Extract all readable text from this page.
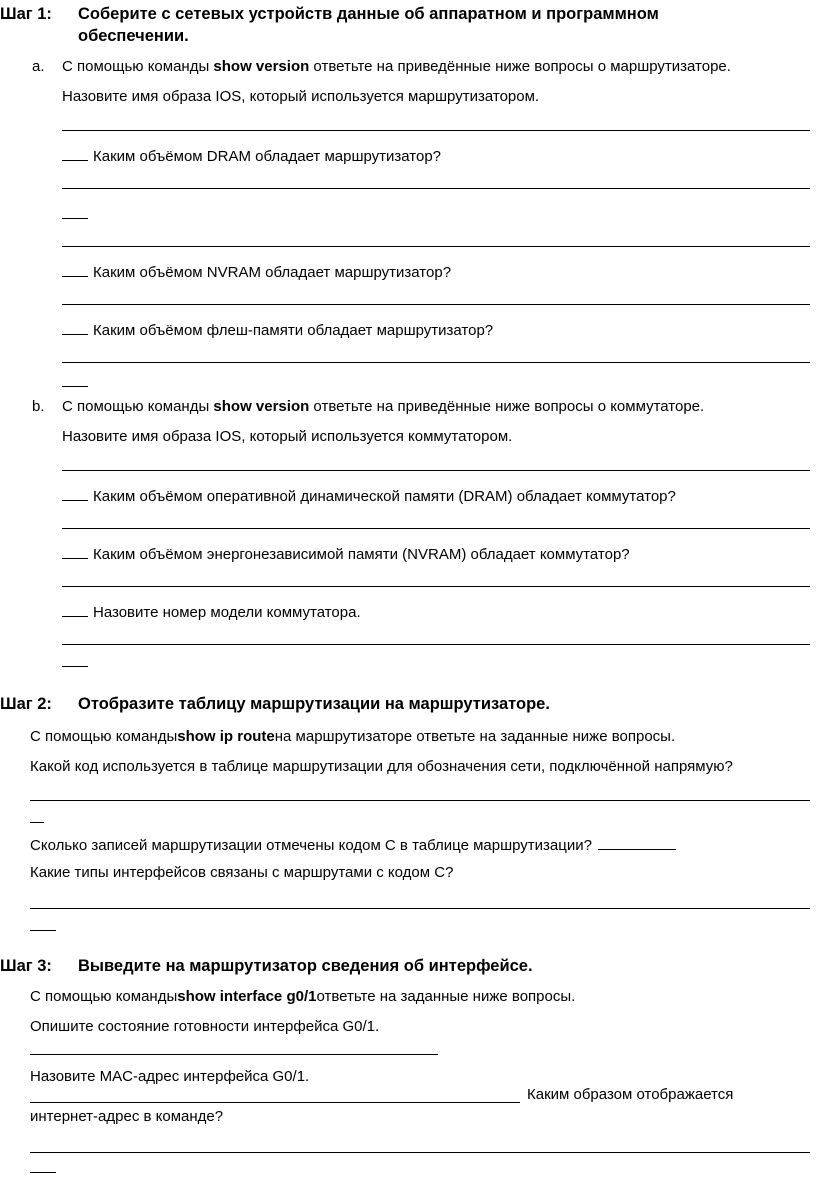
Шаг 1: Соберите с сетевых устройств данные об аппаратном и программном
обеспечении.
a. С помощью команды show version ответьте на приведённые ниже вопросы о маршрутизаторе.
Назовите имя образа IOS, который используется маршрутизатором.
Каким объёмом DRAM обладает маршрутизатор?
Каким объёмом NVRAM обладает маршрутизатор?
Каким объёмом флеш-памяти обладает маршрутизатор?
b. С помощью команды show version ответьте на приведённые ниже вопросы о коммутаторе.
Назовите имя образа IOS, который используется коммутатором.
Каким объёмом оперативной динамической памяти (DRAM) обладает коммутатор?
Каким объёмом энергонезависимой памяти (NVRAM) обладает коммутатор?
Назовите номер модели коммутатора.
Шаг 2: Отобразите таблицу маршрутизации на маршрутизаторе.
С помощью командыshow ip routeна маршрутизаторе ответьте на заданные ниже вопросы.
Какой код используется в таблице маршрутизации для обозначения сети, подключённой напрямую?
Сколько записей маршрутизации отмечены кодом C в таблице маршрутизации?
Какие типы интерфейсов связаны с маршрутами с кодом C?
Шаг 3: Выведите на маршрутизатор сведения об интерфейсе.
С помощью командыshow interface g0/1ответьте на заданные ниже вопросы.
Опишите состояние готовности интерфейса G0/1.
Назовите MAC-адрес интерфейса G0/1.
Каким образом отображается
интернет-адрес в команде?
